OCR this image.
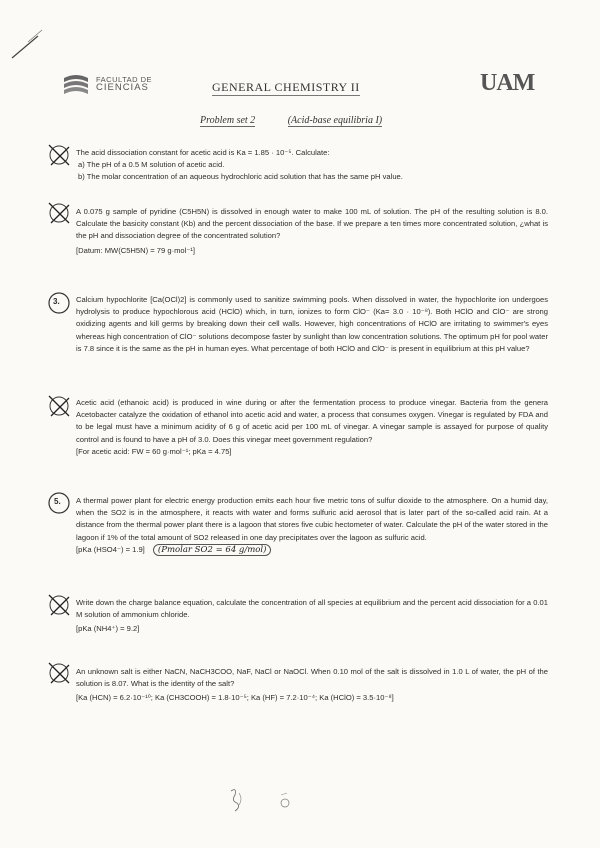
FACULTAD DE
CIENCIAS	GENERAL CHEMISTRY II	UAM
Problem set 2	(Acid-base equilibria I)

The acid dissociation constant for acetic acid is Ka = 1.85 · 10⁻⁵. Calculate:

a) The pH of a 0.5 M solution of acetic acid.

b) The molar concentration of an aqueous hydrochloric acid solution that has the same pH value.

A 0.075 g sample of pyridine (C5H5N) is dissolved in enough water to make 100 mL of solution. The pH of the resulting solution is 8.0. Calculate the basicity constant (Kb) and the percent dissociation of the base. If we prepare a ten times more concentrated solution, ¿what is the pH and dissociation degree of the concentrated solution?

[Datum: MW(C5H5N) = 79 g·mol⁻¹]

3. Calcium hypochlorite [Ca(OCl)2] is commonly used to sanitize swimming pools. When dissolved in water, the hypochlorite ion undergoes hydrolysis to produce hypochlorous acid (HClO) which, in turn, ionizes to form ClO⁻ (Ka= 3.0 · 10⁻⁸). Both HClO and ClO⁻ are strong oxidizing agents and kill germs by breaking down their cell walls. However, high concentrations of HClO are irritating to swimmer's eyes whereas high concentration of ClO⁻ solutions decompose faster by sunlight than low concentration solutions. The optimum pH for pool water is 7.8 since it is the same as the pH in human eyes. What percentage of both HClO and ClO⁻ is present in equilibrium at this pH value?

Acetic acid (ethanoic acid) is produced in wine during or after the fermentation process to produce vinegar. Bacteria from the genera Acetobacter catalyze the oxidation of ethanol into acetic acid and water, a process that consumes oxygen. Vinegar is regulated by FDA and to be legal must have a minimum acidity of 6 g of acetic acid per 100 mL of vinegar. A vinegar sample is assayed for purpose of quality control and is found to have a pH of 3.0. Does this vinegar meet government regulation?

[For acetic acid: FW = 60 g·mol⁻¹; pKa = 4.75]

5. A thermal power plant for electric energy production emits each hour five metric tons of sulfur dioxide to the atmosphere. On a humid day, when the SO2 is in the atmosphere, it reacts with water and forms sulfuric acid aerosol that is later part of the so-called acid rain. At a distance from the thermal power plant there is a lagoon that stores five cubic hectometer of water. Calculate the pH of the water stored in the lagoon if 1% of the total amount of SO2 released in one day precipitates over the lagoon as sulfuric acid.

[pKa (HSO4⁻) = 1.9] (Pmolar SO2 = 64 g/mol)

Write down the charge balance equation, calculate the concentration of all species at equilibrium and the percent acid dissociation for a 0.01 M solution of ammonium chloride.

[pKa (NH4⁺) = 9.2]

An unknown salt is either NaCN, NaCH3COO, NaF, NaCl or NaOCl. When 0.10 mol of the salt is dissolved in 1.0 L of water, the pH of the solution is 8.07. What is the identity of the salt?

[Ka (HCN) = 6.2·10⁻¹⁰; Ka (CH3COOH) = 1.8·10⁻⁵; Ka (HF) = 7.2·10⁻⁴; Ka (HClO) = 3.5·10⁻⁸]
